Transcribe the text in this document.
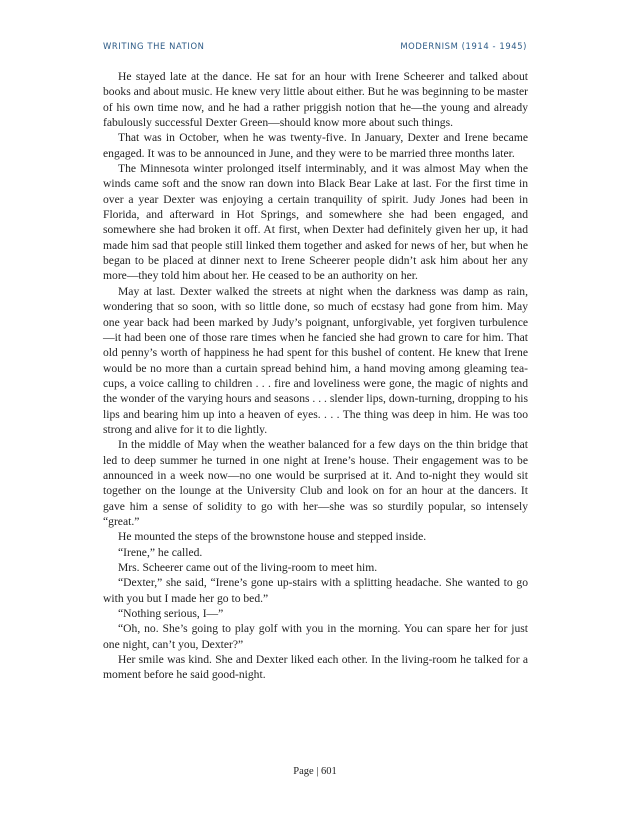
WRITING THE NATION	MODERNISM (1914 - 1945)

He stayed late at the dance. He sat for an hour with Irene Scheerer and talked about books and about music. He knew very little about either. But he was beginning to be master of his own time now, and he had a rather priggish notion that he—the young and already fabulously successful Dexter Green—should know more about such things.

That was in October, when he was twenty-five. In January, Dexter and Irene became engaged. It was to be announced in June, and they were to be married three months later.

The Minnesota winter prolonged itself interminably, and it was almost May when the winds came soft and the snow ran down into Black Bear Lake at last. For the first time in over a year Dexter was enjoying a certain tranquility of spirit. Judy Jones had been in Florida, and afterward in Hot Springs, and somewhere she had been engaged, and somewhere she had broken it off. At first, when Dexter had definitely given her up, it had made him sad that people still linked them together and asked for news of her, but when he began to be placed at dinner next to Irene Scheerer people didn’t ask him about her any more—they told him about her. He ceased to be an authority on her.

May at last. Dexter walked the streets at night when the darkness was damp as rain, wondering that so soon, with so little done, so much of ecstasy had gone from him. May one year back had been marked by Judy’s poignant, unforgivable, yet forgiven turbulence—it had been one of those rare times when he fancied she had grown to care for him. That old penny’s worth of happiness he had spent for this bushel of content. He knew that Irene would be no more than a curtain spread behind him, a hand moving among gleaming tea-cups, a voice calling to children . . . fire and loveliness were gone, the magic of nights and the wonder of the varying hours and seasons . . . slender lips, down-turning, dropping to his lips and bearing him up into a heaven of eyes. . . . The thing was deep in him. He was too strong and alive for it to die lightly.

In the middle of May when the weather balanced for a few days on the thin bridge that led to deep summer he turned in one night at Irene’s house. Their engagement was to be announced in a week now—no one would be surprised at it. And to-night they would sit together on the lounge at the University Club and look on for an hour at the dancers. It gave him a sense of solidity to go with her—she was so sturdily popular, so intensely “great.”

He mounted the steps of the brownstone house and stepped inside.

“Irene,” he called.

Mrs. Scheerer came out of the living-room to meet him.

“Dexter,” she said, “Irene’s gone up-stairs with a splitting headache. She wanted to go with you but I made her go to bed.”

“Nothing serious, I—”

“Oh, no. She’s going to play golf with you in the morning. You can spare her for just one night, can’t you, Dexter?”

Her smile was kind. She and Dexter liked each other. In the living-room he talked for a moment before he said good-night.

Page | 601
